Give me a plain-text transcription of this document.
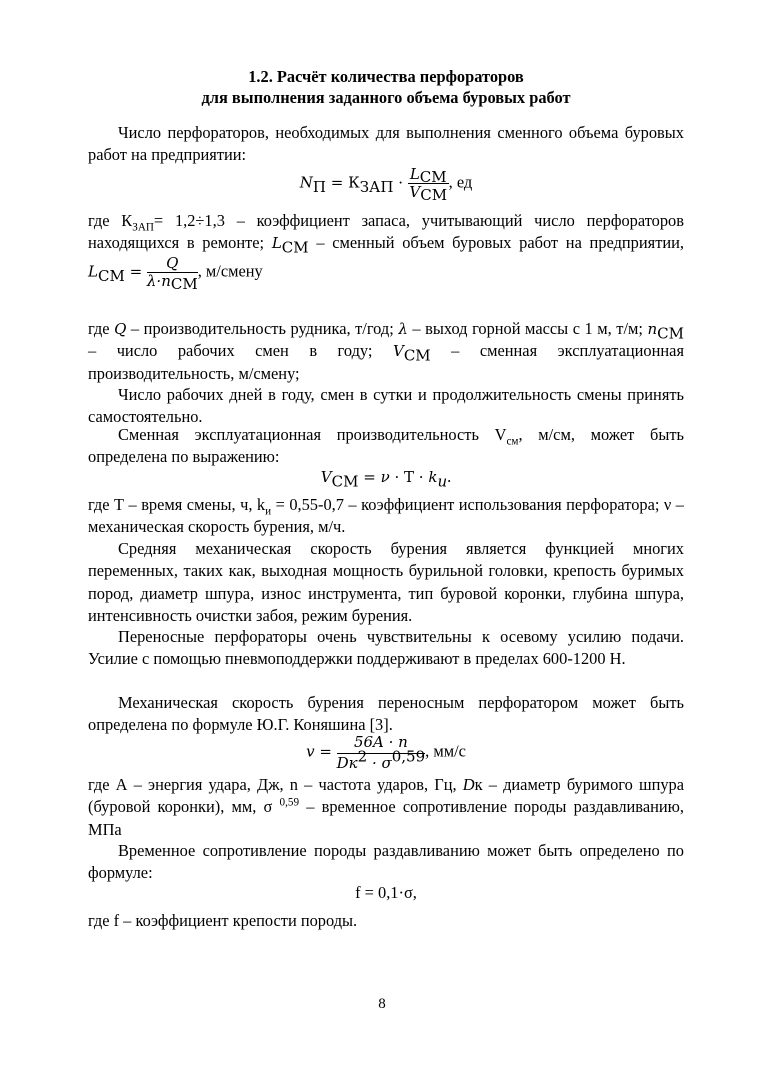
1.2. Расчёт количества перфораторов
для выполнения заданного объема буровых работ

Число перфораторов, необходимых для выполнения сменного объема буровых работ на предприятии:

$N_П = К_{ЗАП} \cdot \frac{L_{СМ}}{V_{СМ}}$ , ед

где $К_{ЗАП}= 1,2\div 1,3$ – коэффициент запаса, учитывающий число перфораторов находящихся в ремонте; $L_{СМ}$ – сменный объем буровых работ на предприятии, $L_{СМ} = \frac{Q}{\lambda\cdot n_{СМ}}$ , м/смену

где Q – производительность рудника, т/год; λ – выход горной массы с 1 м, т/м; $n_{СМ}$ – число рабочих смен в году; $V_{СМ}$ – сменная эксплуатационная производительность, м/смену;

Число рабочих дней в году, смен в сутки и продолжительность смены принять самостоятельно.

Сменная эксплуатационная производительность $V_{см}$, м/см, может быть определена по выражению:

$V_{СМ} = \nu \cdot Т \cdot k_и$.

где Т – время смены, ч, $k_и = 0,55-0,7$ – коэффициент использования перфоратора; ν – механическая скорость бурения, м/ч.

Средняя механическая скорость бурения является функцией многих переменных, таких как, выходная мощность бурильной головки, крепость буримых пород, диаметр шпура, износ инструмента, тип буровой коронки, глубина шпура, интенсивность очистки забоя, режим бурения.

Переносные перфораторы очень чувствительны к осевому усилию подачи. Усилие с помощью пневмоподдержки поддерживают в пределах 600-1200 Н.

Механическая скорость бурения переносным перфоратором может быть определена по формуле Ю.Г. Коняшина [3].

$v = \frac{56A \cdot n}{Dк^2 \cdot \sigma^{0,59}}$ , мм/с

где А – энергия удара, Дж, n – частота ударов, Гц, Dк – диаметр буримого шпура (буровой коронки), мм, σ $^{0,59}$ – временное сопротивление породы раздавливанию, МПа

Временное сопротивление породы раздавливанию может быть определено по формуле:

f = 0,1·σ,

где f – коэффициент крепости породы.

8
